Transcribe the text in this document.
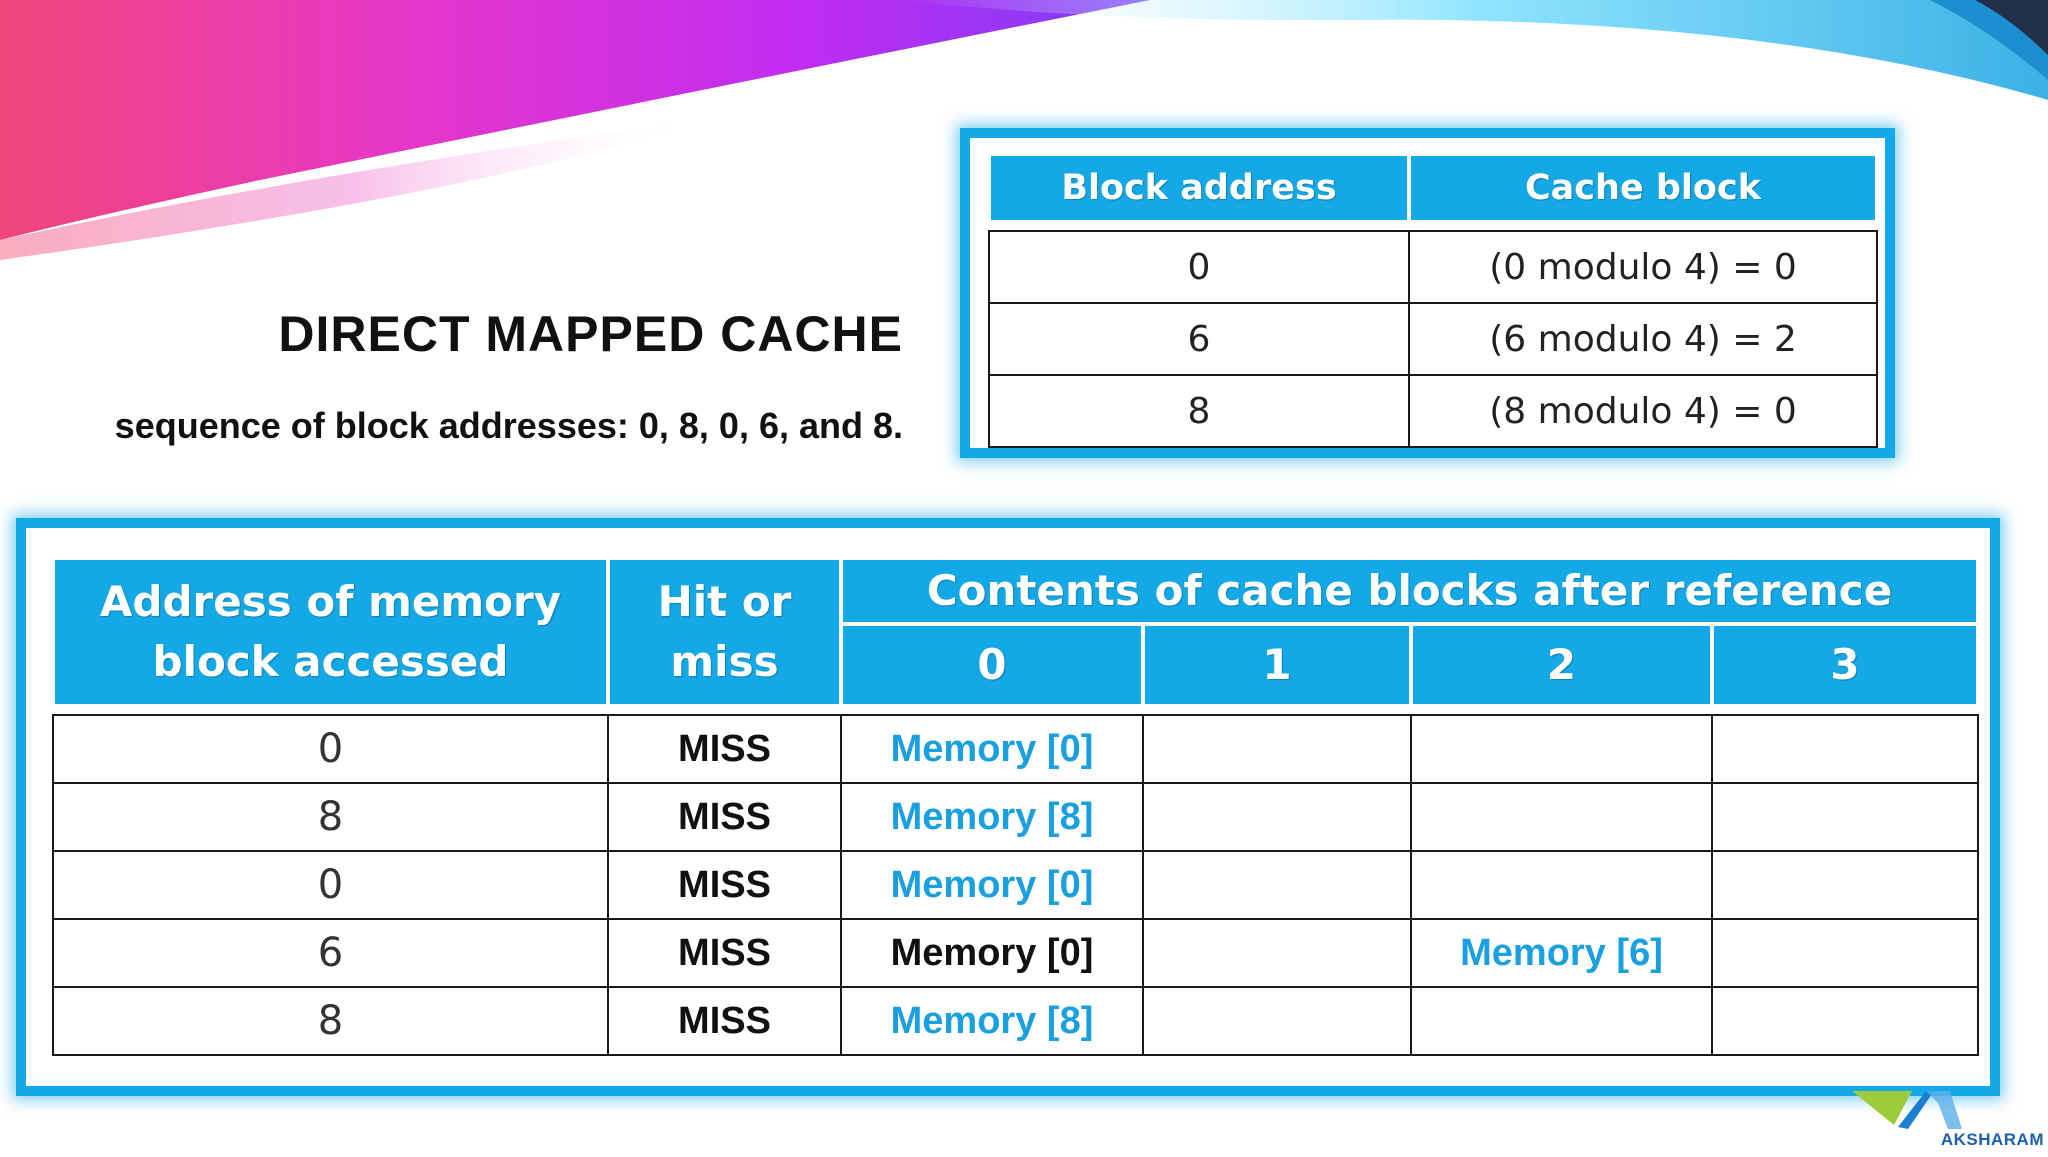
DIRECT MAPPED CACHE
sequence of block addresses: 0, 8, 0, 6, and 8.
Block address	Cache block

0	(0 modulo 4) = 0
6	(6 modulo 4) = 2
8	(8 modulo 4) = 0
Address of memory block accessed	Hit or miss	Contents of cache blocks after reference			
		0	1	2	3

0	MISS	Memory [0]			
8	MISS	Memory [8]			
0	MISS	Memory [0]			
6	MISS	Memory [0]		Memory [6]	
8	MISS	Memory [8]			
AKSHARAM
